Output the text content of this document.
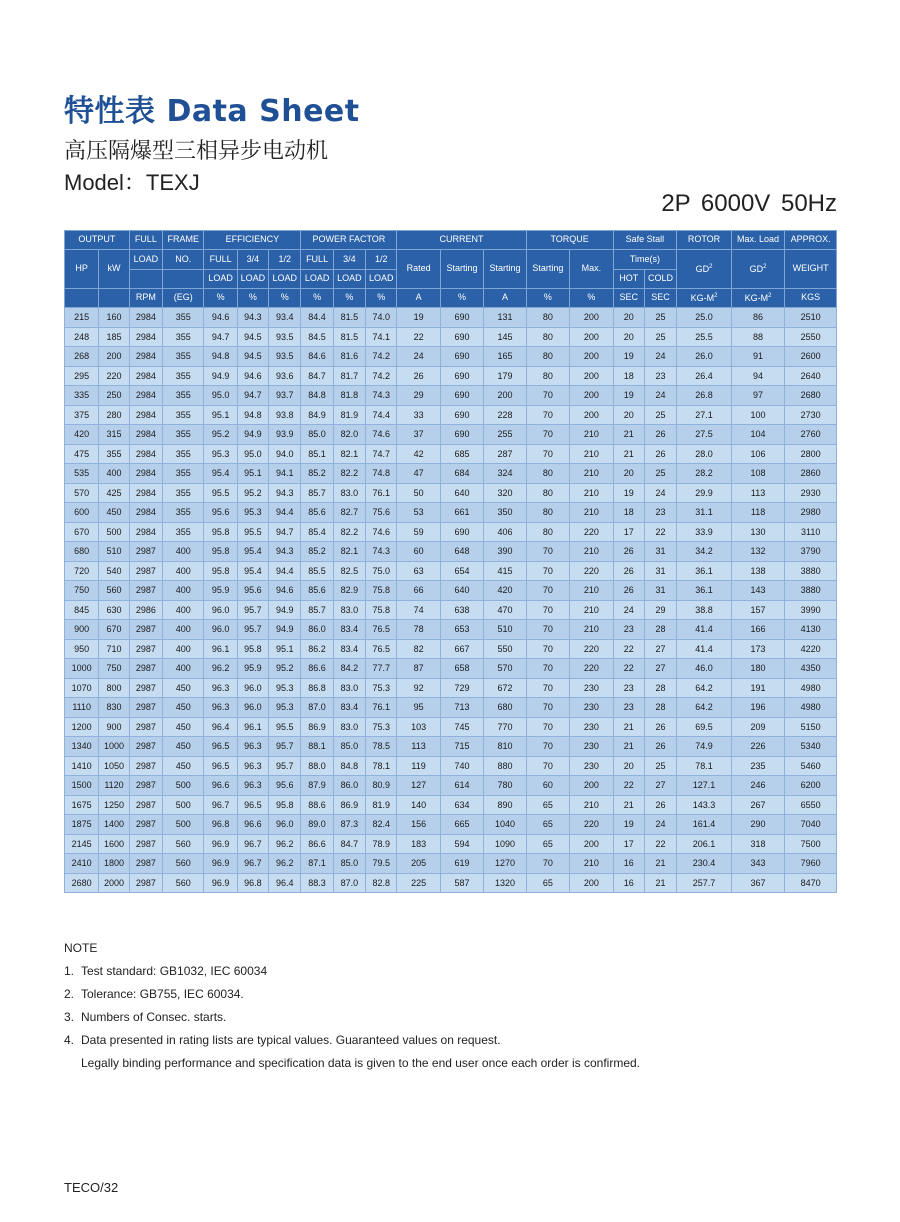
特性表 Data Sheet
高压隔爆型三相异步电动机
Model：TEXJ
2P 6000V 50Hz
OUTPUT		FULL	FRAME	EFFICIENCY			POWER FACTOR			CURRENT			TORQUE		Safe Stall		ROTOR	Max. Load	APPROX.
HP	kW	LOAD	NO.	FULL	3/4	1/2	FULL	3/4	1/2	Rated	Starting	Starting	Starting	Max.	Time(s)		$GD^2$	$GD^2$	WEIGHT
				LOAD	LOAD	LOAD	LOAD	LOAD	LOAD						HOT	COLD			
		RPM	(EG)	%	%	%	%	%	%	A	%	A	%	%	SEC	SEC	$KG-M^2$	$KG-M^2$	KGS
215	160	2984	355	94.6	94.3	93.4	84.4	81.5	74.0	19	690	131	80	200	20	25	25.0	86	2510
248	185	2984	355	94.7	94.5	93.5	84.5	81.5	74.1	22	690	145	80	200	20	25	25.5	88	2550
268	200	2984	355	94.8	94.5	93.5	84.6	81.6	74.2	24	690	165	80	200	19	24	26.0	91	2600
295	220	2984	355	94.9	94.6	93.6	84.7	81.7	74.2	26	690	179	80	200	18	23	26.4	94	2640
335	250	2984	355	95.0	94.7	93.7	84.8	81.8	74.3	29	690	200	70	200	19	24	26.8	97	2680
375	280	2984	355	95.1	94.8	93.8	84.9	81.9	74.4	33	690	228	70	200	20	25	27.1	100	2730
420	315	2984	355	95.2	94.9	93.9	85.0	82.0	74.6	37	690	255	70	210	21	26	27.5	104	2760
475	355	2984	355	95.3	95.0	94.0	85.1	82.1	74.7	42	685	287	70	210	21	26	28.0	106	2800
535	400	2984	355	95.4	95.1	94.1	85.2	82.2	74.8	47	684	324	80	210	20	25	28.2	108	2860
570	425	2984	355	95.5	95.2	94.3	85.7	83.0	76.1	50	640	320	80	210	19	24	29.9	113	2930
600	450	2984	355	95.6	95.3	94.4	85.6	82.7	75.6	53	661	350	80	210	18	23	31.1	118	2980
670	500	2984	355	95.8	95.5	94.7	85.4	82.2	74.6	59	690	406	80	220	17	22	33.9	130	3110
680	510	2987	400	95.8	95.4	94.3	85.2	82.1	74.3	60	648	390	70	210	26	31	34.2	132	3790
720	540	2987	400	95.8	95.4	94.4	85.5	82.5	75.0	63	654	415	70	220	26	31	36.1	138	3880
750	560	2987	400	95.9	95.6	94.6	85.6	82.9	75.8	66	640	420	70	210	26	31	36.1	143	3880
845	630	2986	400	96.0	95.7	94.9	85.7	83.0	75.8	74	638	470	70	210	24	29	38.8	157	3990
900	670	2987	400	96.0	95.7	94.9	86.0	83.4	76.5	78	653	510	70	210	23	28	41.4	166	4130
950	710	2987	400	96.1	95.8	95.1	86.2	83.4	76.5	82	667	550	70	220	22	27	41.4	173	4220
1000	750	2987	400	96.2	95.9	95.2	86.6	84.2	77.7	87	658	570	70	220	22	27	46.0	180	4350
1070	800	2987	450	96.3	96.0	95.3	86.8	83.0	75.3	92	729	672	70	230	23	28	64.2	191	4980
1110	830	2987	450	96.3	96.0	95.3	87.0	83.4	76.1	95	713	680	70	230	23	28	64.2	196	4980
1200	900	2987	450	96.4	96.1	95.5	86.9	83.0	75.3	103	745	770	70	230	21	26	69.5	209	5150
1340	1000	2987	450	96.5	96.3	95.7	88.1	85.0	78.5	113	715	810	70	230	21	26	74.9	226	5340
1410	1050	2987	450	96.5	96.3	95.7	88.0	84.8	78.1	119	740	880	70	230	20	25	78.1	235	5460
1500	1120	2987	500	96.6	96.3	95.6	87.9	86.0	80.9	127	614	780	60	200	22	27	127.1	246	6200
1675	1250	2987	500	96.7	96.5	95.8	88.6	86.9	81.9	140	634	890	65	210	21	26	143.3	267	6550
1875	1400	2987	500	96.8	96.6	96.0	89.0	87.3	82.4	156	665	1040	65	220	19	24	161.4	290	7040
2145	1600	2987	560	96.9	96.7	96.2	86.6	84.7	78.9	183	594	1090	65	200	17	22	206.1	318	7500
2410	1800	2987	560	96.9	96.7	96.2	87.1	85.0	79.5	205	619	1270	70	210	16	21	230.4	343	7960
2680	2000	2987	560	96.9	96.8	96.4	88.3	87.0	82.8	225	587	1320	65	200	16	21	257.7	367	8470
NOTE
1. Test standard: GB1032, IEC 60034
2. Tolerance: GB755, IEC 60034.
3. Numbers of Consec. starts.
4. Data presented in rating lists are typical values. Guaranteed values on request.
Legally binding performance and specification data is given to the end user once each order is confirmed.
TECO/32
